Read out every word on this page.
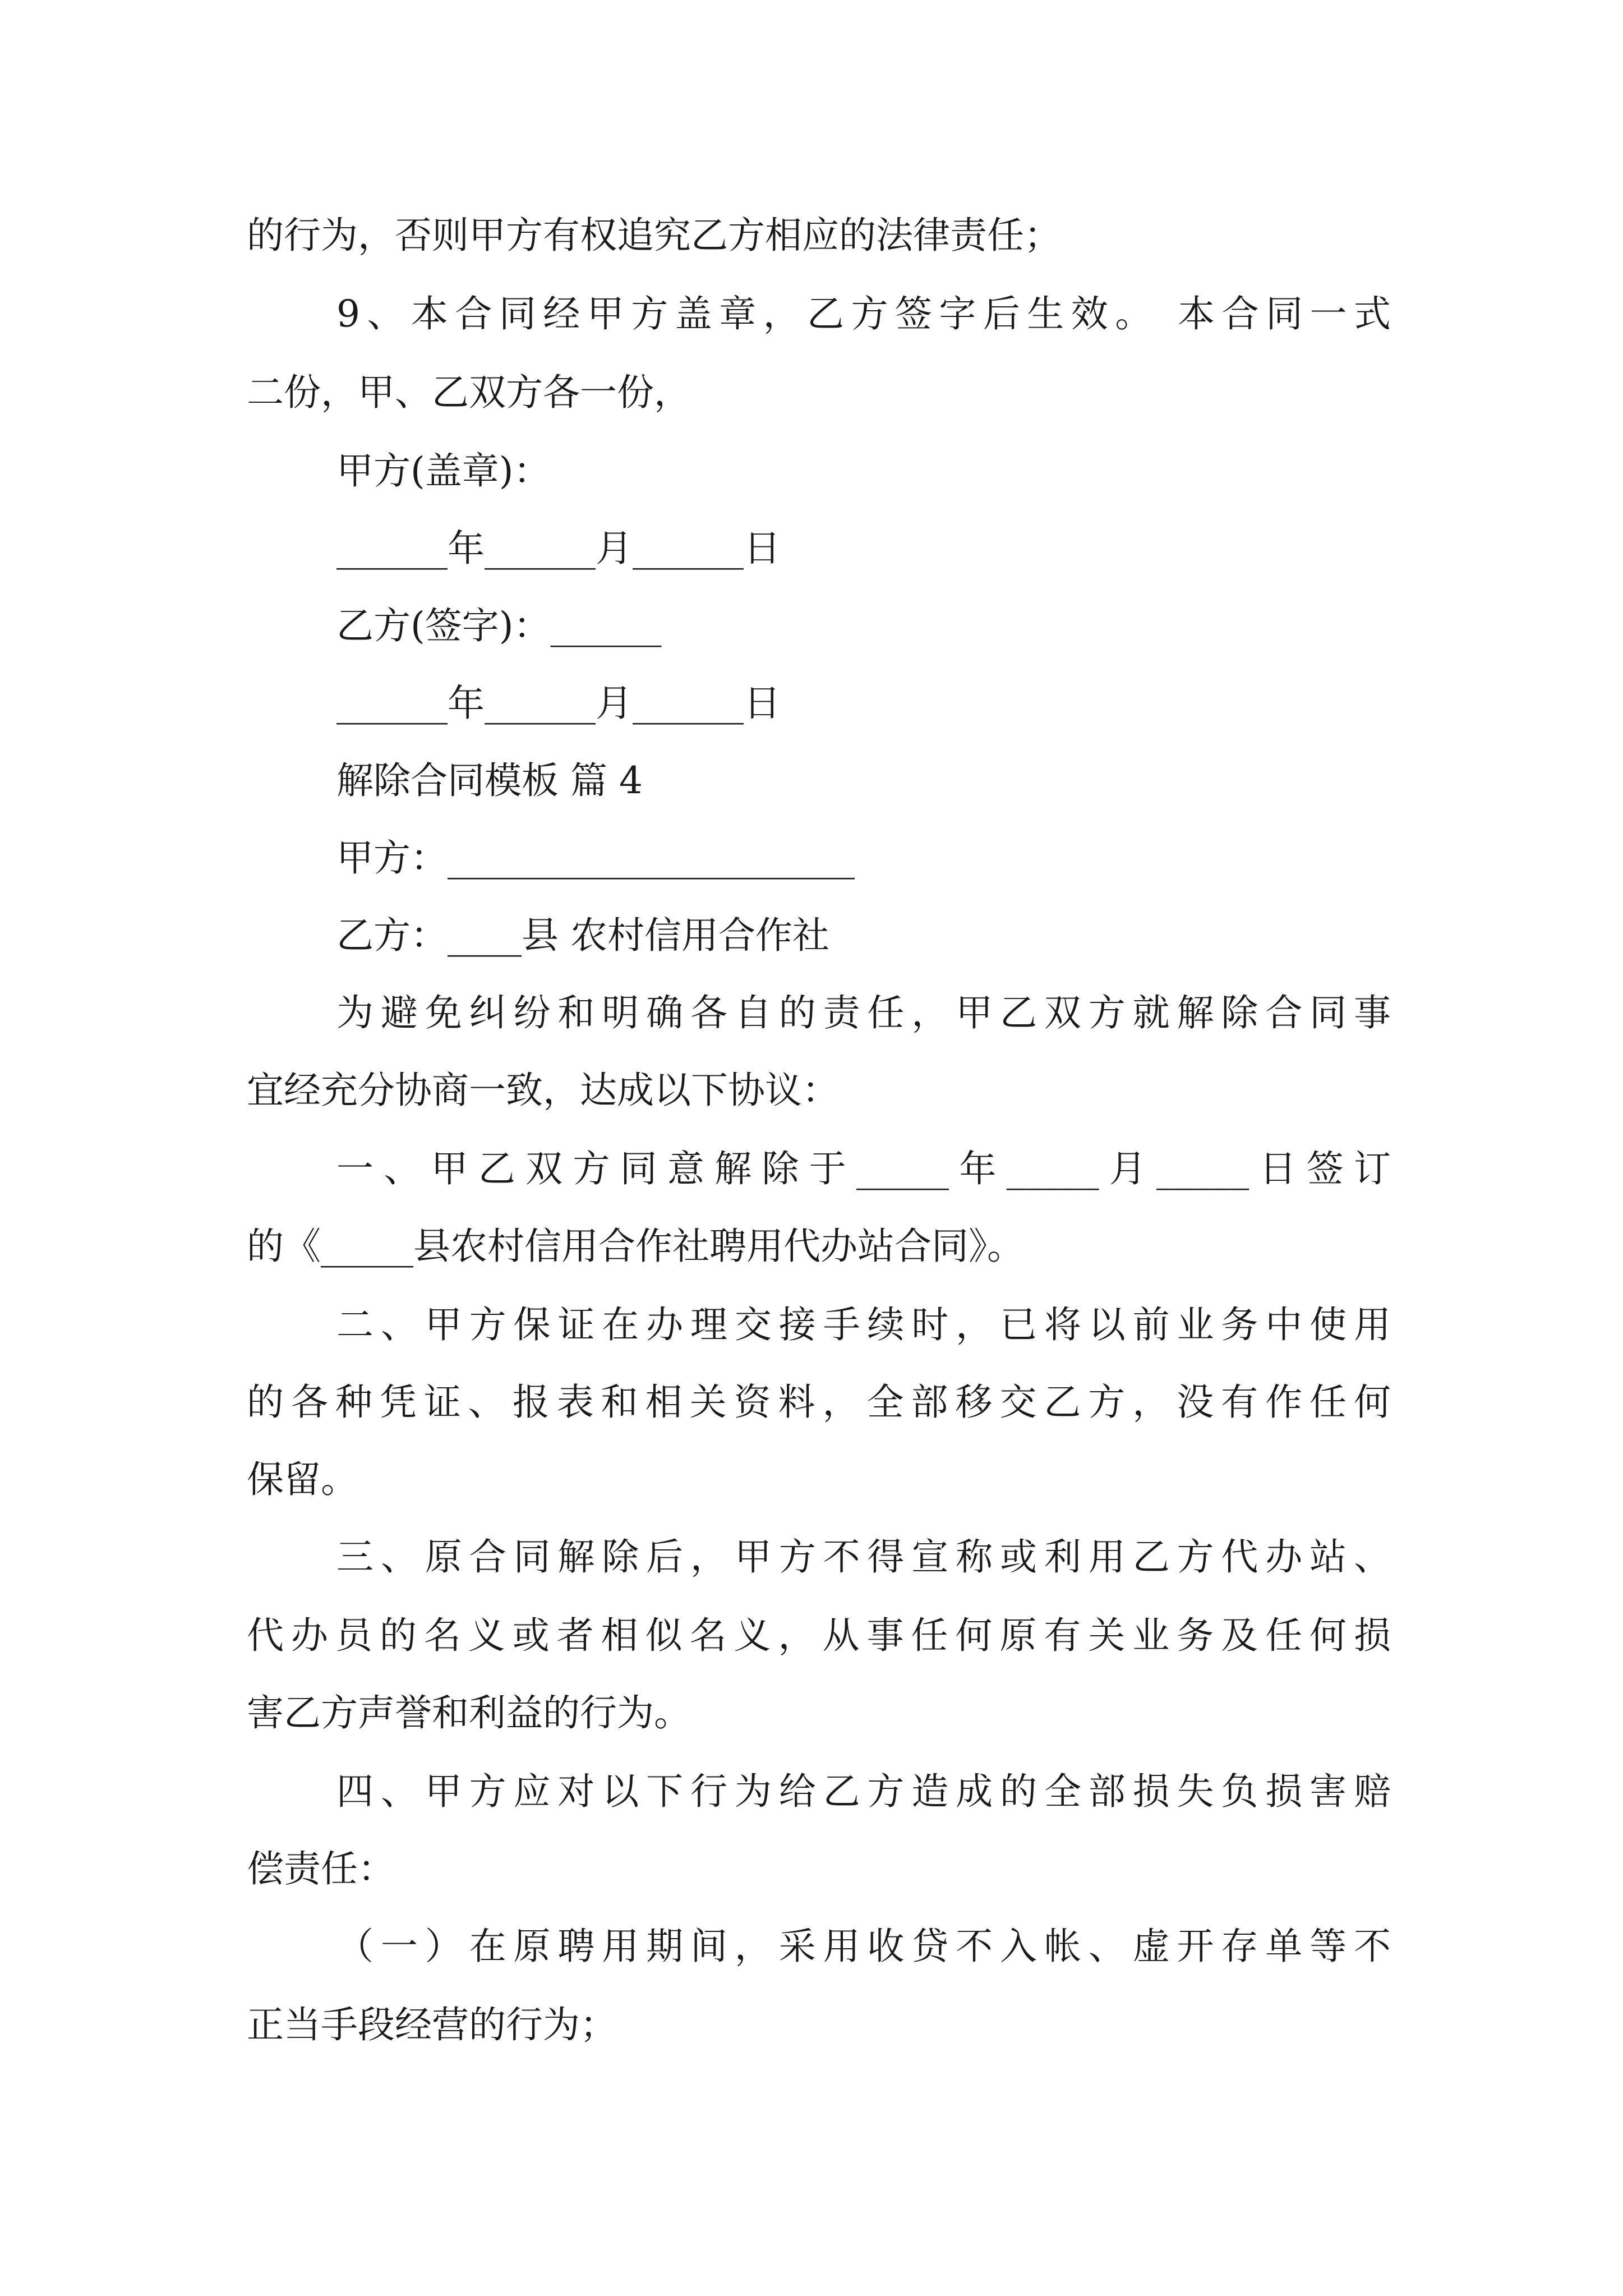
的行为，否则甲方有权追究乙方相应的法律责任；
9、本合同经甲方盖章，乙方签字后生效。 本合同一式
二份，甲、乙双方各一份，
甲方(盖章)：
______年______月______日
乙方(签字)：______
______年______月______日
解除合同模板 篇 4
甲方：______________________
乙方：____县 农村信用合作社
为避免纠纷和明确各自的责任，甲乙双方就解除合同事
宜经充分协商一致，达成以下协议：
一、甲乙双方同意解除于_____年_____月_____日签订
的《_____县农村信用合作社聘用代办站合同》。
二、甲方保证在办理交接手续时，已将以前业务中使用
的各种凭证、报表和相关资料，全部移交乙方，没有作任何
保留。
三、原合同解除后，甲方不得宣称或利用乙方代办站、
代办员的名义或者相似名义，从事任何原有关业务及任何损
害乙方声誉和利益的行为。
四、甲方应对以下行为给乙方造成的全部损失负损害赔
偿责任：
（一）在原聘用期间，采用收贷不入帐、虚开存单等不
正当手段经营的行为；
